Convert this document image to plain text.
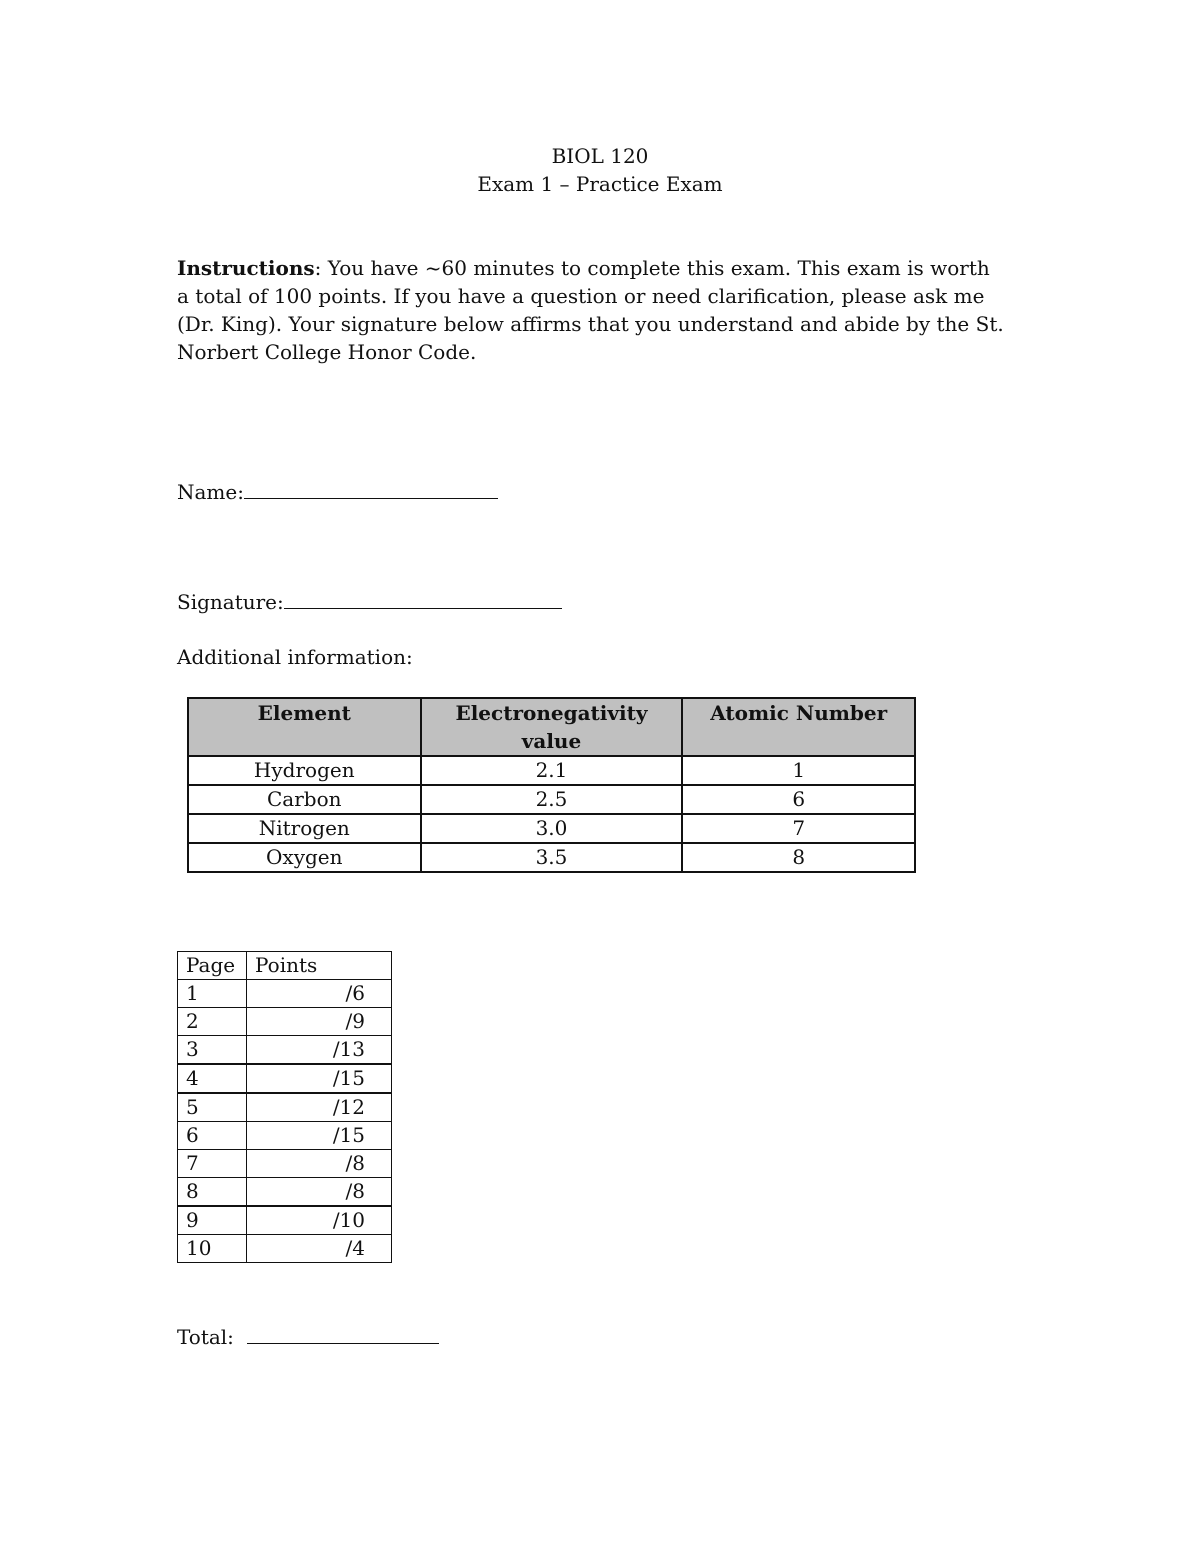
BIOL 120
Exam 1 – Practice Exam
Instructions: You have ~60 minutes to complete this exam. This exam is worth a total of 100 points. If you have a question or need clarification, please ask me (Dr. King). Your signature below affirms that you understand and abide by the St. Norbert College Honor Code.
Name:
Signature:
Additional information:
Element	Electronegativity value	Atomic Number
Hydrogen	2.1	1
Carbon	2.5	6
Nitrogen	3.0	7
Oxygen	3.5	8
Page	Points
1	/6
2	/9
3	/13
4	/15
5	/12
6	/15
7	/8
8	/8
9	/10
10	/4
Total:
